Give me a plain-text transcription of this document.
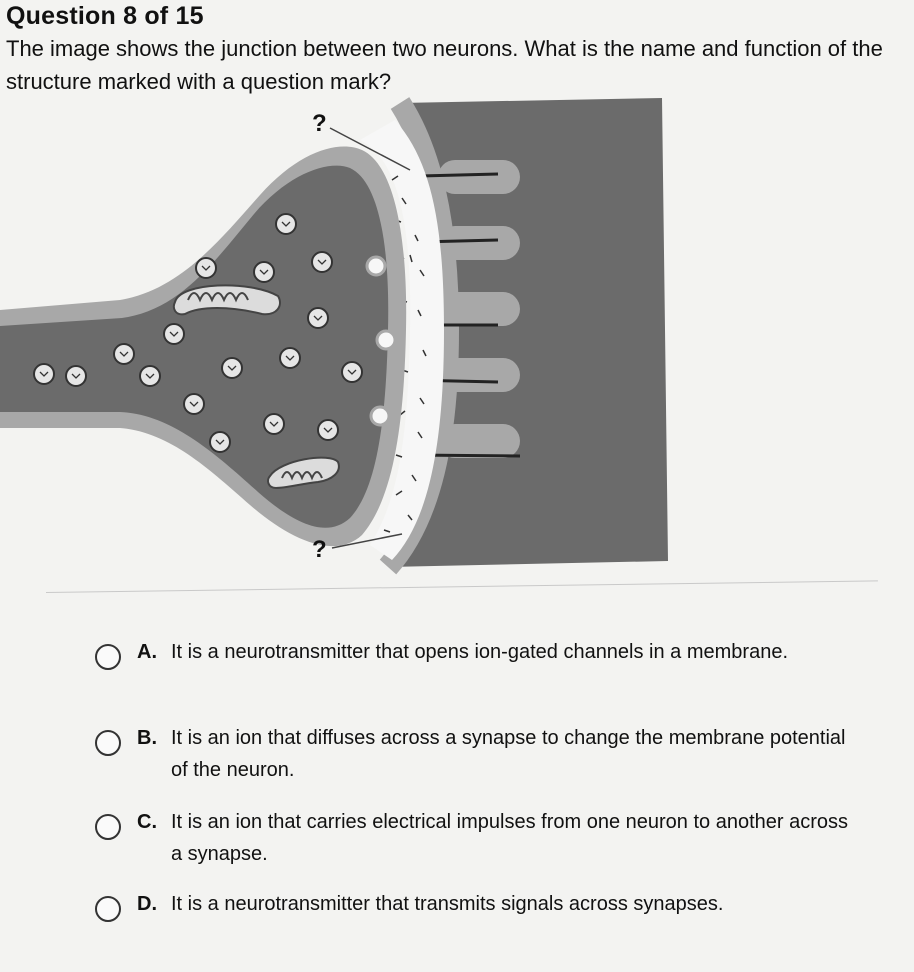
Question 8 of 15
The image shows the junction between two neurons. What is the name and function of the structure marked with a question mark?
?
?
A. It is a neurotransmitter that opens ion-gated channels in a membrane.
B. It is an ion that diffuses across a synapse to change the membrane potential of the neuron.
C. It is an ion that carries electrical impulses from one neuron to another across a synapse.
D. It is a neurotransmitter that transmits signals across synapses.
